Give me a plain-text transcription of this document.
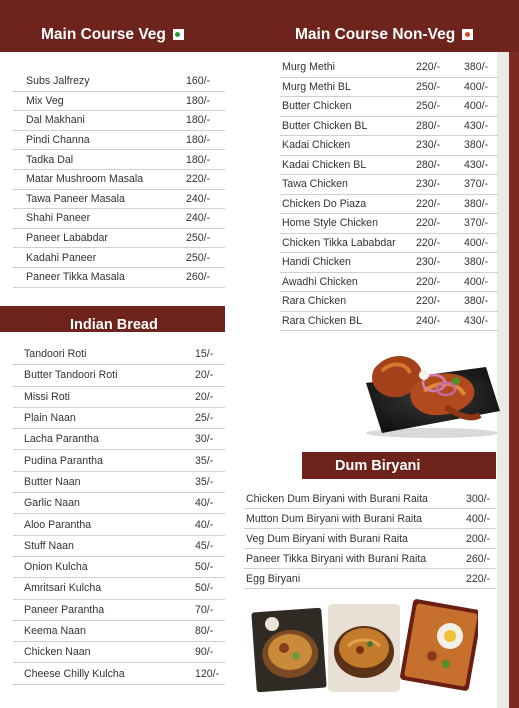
Main Course Veg	Main Course Non-Veg
Subs Jalfrezy	160/-
Mix Veg	180/-
Dal Makhani	180/-
Pindi Channa	180/-
Tadka Dal	180/-
Matar Mushroom Masala	220/-
Tawa Paneer Masala	240/-
Shahi Paneer	240/-
Paneer Lababdar	250/-
Kadahi Paneer	250/-
Paneer Tikka Masala	260/-
Murg Methi	220/- 380/-
Murg Methi BL	250/- 400/-
Butter Chicken	250/- 400/-
Butter Chicken BL	280/- 430/-
Kadai Chicken	230/- 380/-
Kadai Chicken BL	280/- 430/-
Tawa Chicken	230/- 370/-
Chicken Do Piaza	220/- 380/-
Home Style Chicken	220/- 370/-
Chicken Tikka Lababdar 220/- 400/-
Handi Chicken	230/- 380/-
Awadhi Chicken	220/- 400/-
Rara Chicken	220/- 380/-
Rara Chicken BL	240/- 430/-
Indian Bread
Tandoori Roti	15/-
Butter Tandoori Roti	20/-
Missi Roti	20/-
Plain Naan	25/-
Lacha Parantha	30/-
Pudina Parantha	35/-
Butter Naan	35/-
Garlic Naan	40/-
Aloo Parantha	40/-
Stuff Naan	45/-
Onion Kulcha	50/-
Amritsari Kulcha	50/-
Paneer Parantha	70/-
Keema Naan	80/-
Chicken Naan	90/-
Cheese Chilly Kulcha	120/-
Dum Biryani
Chicken Dum Biryani with Burani Raita	300/-
Mutton Dum Biryani with Burani Raita	400/-
Veg Dum Biryani with Burani Raita	200/-
Paneer Tikka Biryani with Burani Raita	260/-
Egg Biryani	220/-
